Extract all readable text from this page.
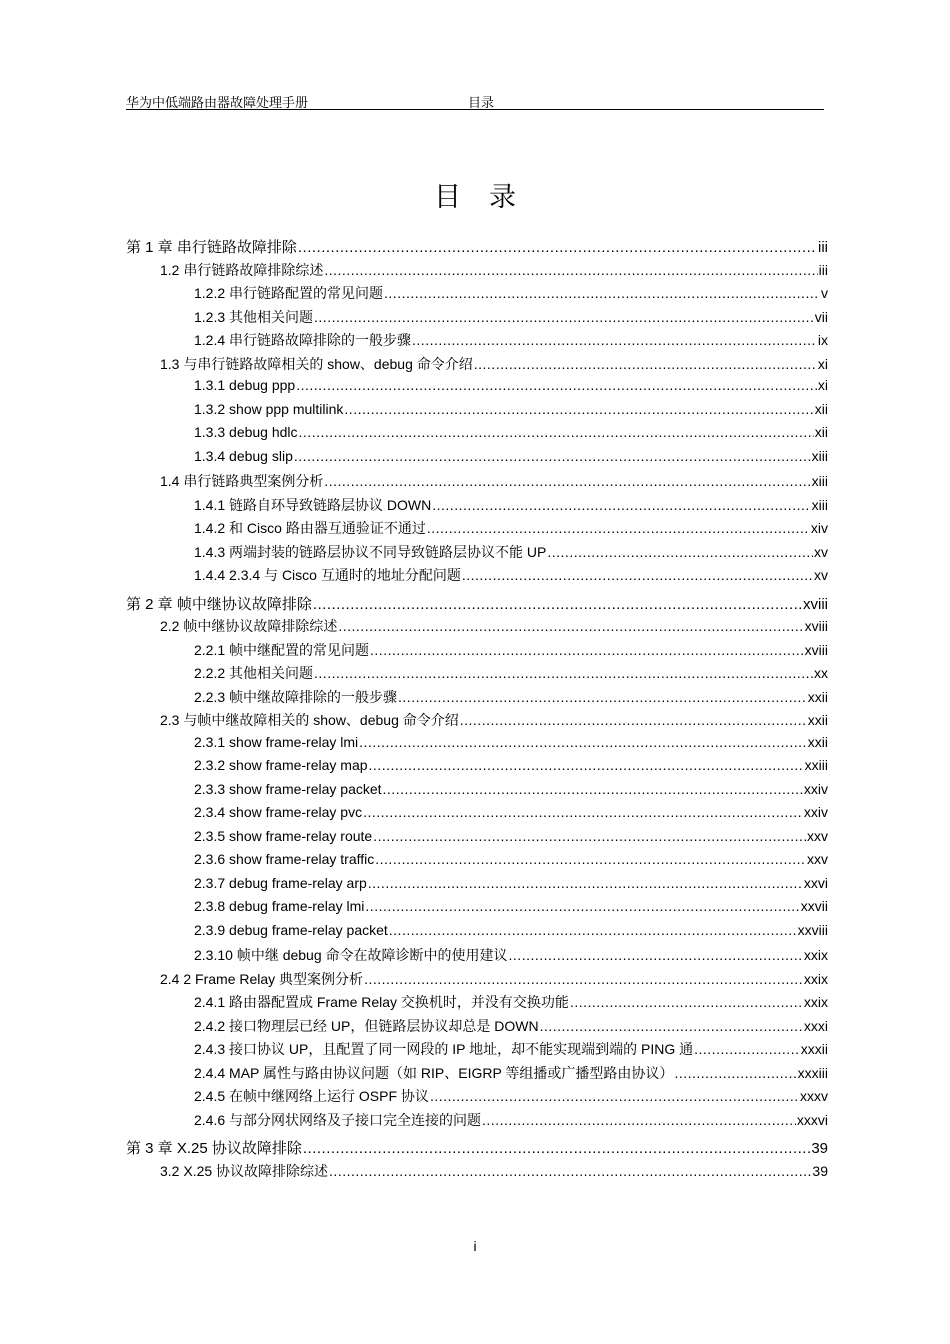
华为中低端路由器故障处理手册	目录
目录
第 1 章 串行链路故障排除 .....	iii
1.2 串行链路故障排除综述 .....	iii
1.2.2 串行链路配置的常见问题 .....	v
1.2.3 其他相关问题 .....	vii
1.2.4 串行链路故障排除的一般步骤 .....	ix
1.3 与串行链路故障相关的 show、debug 命令介绍 .....	xi
1.3.1 debug ppp .....	xi
1.3.2 show ppp multilink .....	xii
1.3.3 debug hdlc .....	xii
1.3.4 debug slip .....	xiii
1.4 串行链路典型案例分析 .....	xiii
1.4.1 链路自环导致链路层协议 DOWN .....	xiii
1.4.2 和 Cisco 路由器互通验证不通过 .....	xiv
1.4.3 两端封装的链路层协议不同导致链路层协议不能 UP .....	xv
1.4.4 2.3.4 与 Cisco 互通时的地址分配问题 .....	xv
第 2 章 帧中继协议故障排除 .....	xviii
2.2 帧中继协议故障排除综述 .....	xviii
2.2.1 帧中继配置的常见问题 .....	xviii
2.2.2 其他相关问题 .....	xx
2.2.3 帧中继故障排除的一般步骤 .....	xxii
2.3 与帧中继故障相关的 show、debug 命令介绍 .....	xxii
2.3.1 show frame-relay lmi .....	xxii
2.3.2 show frame-relay map .....	xxiii
2.3.3 show frame-relay packet .....	xxiv
2.3.4 show frame-relay pvc .....	xxiv
2.3.5 show frame-relay route .....	xxv
2.3.6 show frame-relay traffic .....	xxv
2.3.7 debug frame-relay arp .....	xxvi
2.3.8 debug frame-relay lmi .....	xxvii
2.3.9 debug frame-relay packet .....	xxviii
2.3.10 帧中继 debug 命令在故障诊断中的使用建议 .....	xxix
2.4 2 Frame Relay 典型案例分析 .....	xxix
2.4.1 路由器配置成 Frame Relay 交换机时，并没有交换功能 .....	xxix
2.4.2 接口物理层已经 UP，但链路层协议却总是 DOWN .....	xxxi
2.4.3 接口协议 UP，且配置了同一网段的 IP 地址，却不能实现端到端的 PING 通 .....	xxxii
2.4.4 MAP 属性与路由协议问题（如 RIP、EIGRP 等组播或广播型路由协议） .....	xxxiii
2.4.5 在帧中继网络上运行 OSPF 协议 .....	xxxv
2.4.6 与部分网状网络及子接口完全连接的问题 .....	xxxvi
第 3 章 X.25 协议故障排除 .....	39
3.2 X.25 协议故障排除综述 .....	39
i
